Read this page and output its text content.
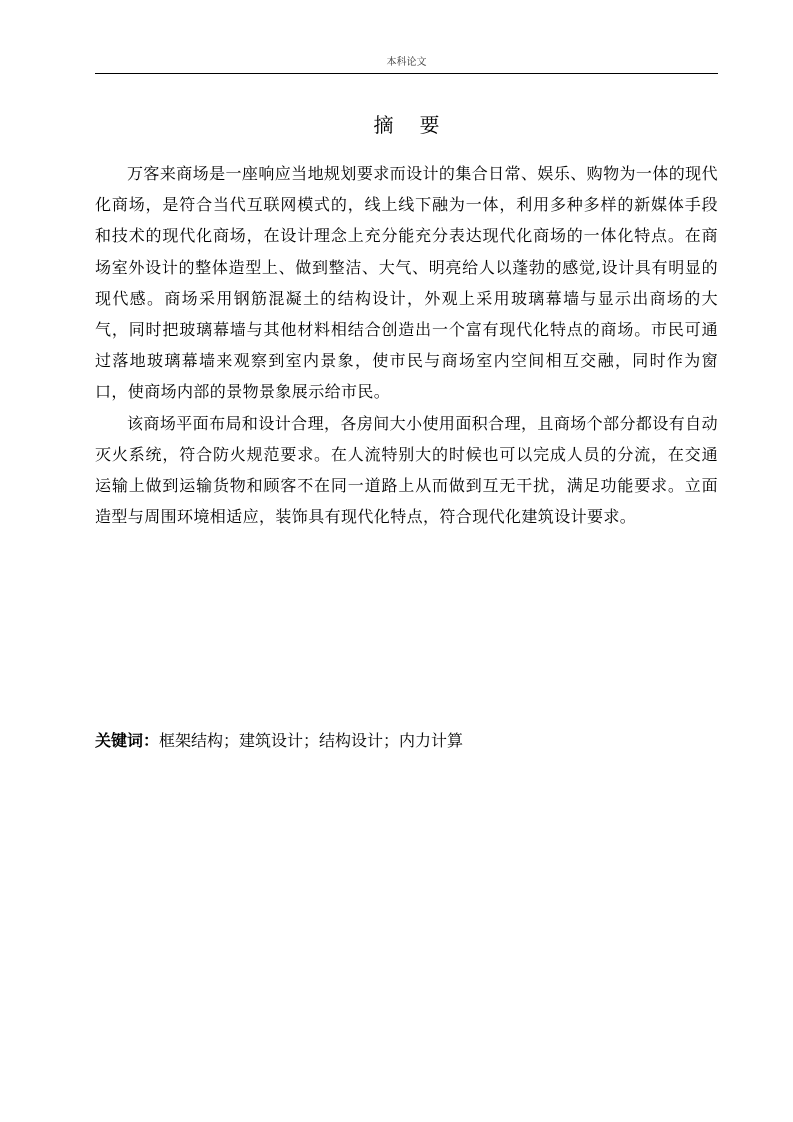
本科论文
摘要

万客来商场是一座响应当地规划要求而设计的集合日常、娱乐、购物为一体的现代化商场，是符合当代互联网模式的，线上线下融为一体，利用多种多样的新媒体手段和技术的现代化商场，在设计理念上充分能充分表达现代化商场的一体化特点。在商场室外设计的整体造型上、做到整洁、大气、明亮给人以蓬勃的感觉,设计具有明显的现代感。商场采用钢筋混凝土的结构设计，外观上采用玻璃幕墙与显示出商场的大气，同时把玻璃幕墙与其他材料相结合创造出一个富有现代化特点的商场。市民可通过落地玻璃幕墙来观察到室内景象，使市民与商场室内空间相互交融，同时作为窗口，使商场内部的景物景象展示给市民。

该商场平面布局和设计合理，各房间大小使用面积合理，且商场个部分都设有自动灭火系统，符合防火规范要求。在人流特别大的时候也可以完成人员的分流，在交通运输上做到运输货物和顾客不在同一道路上从而做到互无干扰，满足功能要求。立面造型与周围环境相适应，装饰具有现代化特点，符合现代化建筑设计要求。

关键词：框架结构；建筑设计；结构设计；内力计算
